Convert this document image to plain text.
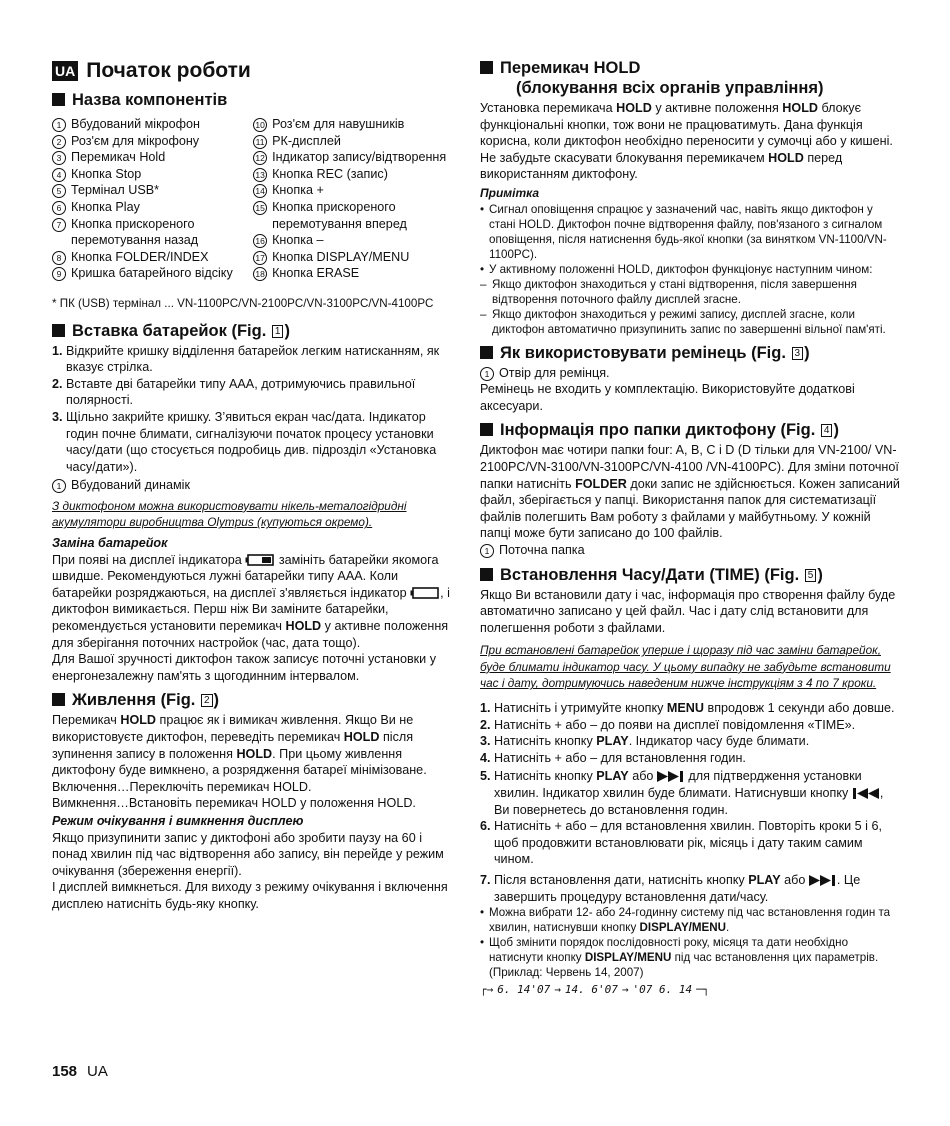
UA Початок роботи
Назва компонентів
1 Вбудований мікрофон
2 Роз'єм для мікрофону
3 Перемикач Hold
4 Кнопка Stop
5 Термінал USB*
6 Кнопка Play
7 Кнопка прискореного перемотування назад
8 Кнопка FOLDER/INDEX
9 Кришка батарейного відсіку
10 Роз'єм для навушників
11 РК-дисплей
12 Індикатор запису/відтворення
13 Кнопка REC (запис)
14 Кнопка +
15 Кнопка прискореного перемотування вперед
16 Кнопка –
17 Кнопка DISPLAY/MENU
18 Кнопка ERASE

* ПК (USB) термінал ... VN-1100PC/VN-2100PC/VN-3100PC/VN-4100PC

Вставка батарейок (Fig. 1 )
1. Відкрийте кришку відділення батарейок легким натисканням, як вказує стрілка.
2. Вставте дві батарейки типу ААА, дотримуючись правильної полярності.
3. Щільно закрийте кришку. З’явиться екран час/дата. Індикатор годин почне блимати, сигналізуючи початок процесу установки часу/дати (що стосується подробиць див. підрозділ «Установка часу/дати»).
1 Вбудований динамік

З диктофоном можна використовувати нікель-металогідридні акумулятори виробництва Olympus (купуються окремо).

Заміна батарейок

При появі на дисплеї індикатора	замініть батарейки якомога швидше. Рекомендуються лужні батарейки типу ААА. Коли батарейки розряджаються, на дисплеї з'являється індикатор	, і диктофон вимикається. Перш ніж Ви заміните батарейки, рекомендується установити перемикач HOLD у активне положення для зберігання поточних настройок (час, дата тощо).

Для Вашої зручності диктофон також записує поточні установки у енергонезалежну пам'ять з щогодинним інтервалом.

Живлення (Fig. 2 )

Перемикач HOLD працює як і вимикач живлення. Якщо Ви не використовуєте диктофон, переведіть перемикач HOLD після зупинення запису в положення HOLD. При цьому живлення диктофону буде вимкнено, а розрядження батареї мінімізоване.

Включення…Переключіть перемикач HOLD.

Вимкнення…Встановіть перемикач HOLD у положення HOLD.

Режим очікування і вимкнення дисплею

Якщо призупинити запис у диктофоні або зробити паузу на 60 і понад хвилин під час відтворення або запису, він перейде у режим очікування (збереження енергії).

І дисплей вимкнеться. Для виходу з режиму очікування і включення дисплею натисніть будь-яку кнопку.

Перемикач HOLD
(блокування всіх органів управління)

Установка перемикача HOLD у активне положення HOLD блокує функціональні кнопки, тож вони не працюватимуть. Дана функція корисна, коли диктофон необхідно переносити у сумочці або у кишені. Не забудьте скасувати блокування перемикачем HOLD перед використанням диктофону.

Примітка

• Сигнал оповіщення спрацює у зазначений час, навіть якщо диктофон у стані HOLD. Диктофон почне відтворення файлу, пов'язаного з сигналом оповіщення, після натиснення будь-якої кнопки (за винятком VN-1100/VN-1100PC).
• У активному положенні HOLD, диктофон функціонує наступним чином:
– Якщо диктофон знаходиться у стані відтворення, після завершення відтворення поточного файлу дисплей згасне.
– Якщо диктофон знаходиться у режимі запису, дисплей згасне, коли диктофон автоматично призупинить запис по завершенні вільної пам'яті.
Як використовувати ремінець (Fig. 3 )
1 Отвір для ремінця.

Ремінець не входить у комплектацію. Використовуйте додаткові аксесуари.

Інформація про папки диктофону (Fig. 4 )

Диктофон має чотири папки four: A, B, C і D (D тільки для VN-2100/ VN-2100PC/VN-3100/VN-3100PC/VN-4100 /VN-4100PC). Для зміни поточної папки натисніть FOLDER доки запис не здійснюється. Кожен записаний файл, зберігається у папці. Використання папок для систематизації файлів полегшить Вам роботу з файлами у майбутньому. У кожній папці може бути записано до 100 файлів.

1 Поточна папка
Встановлення Часу/Дати (TIME) (Fig. 5 )

Якщо Ви встановили дату і час, інформація про створення файлу буде автоматично записано у цей файл. Час і дату слід встановити для полегшення роботи з файлами.

При встановлені батарейок уперше і щоразу під час заміни батарейок, буде блимати індикатор часу. У цьому випадку не забудьте встановити час і дату, дотримуючись наведеним нижче інструкціям з 4 по 7 кроки.

1. Натисніть і утримуйте кнопку MENU впродовж 1 секунди або довше.
2. Натисніть + або – до появи на дисплеї повідомлення «TIME».
3. Натисніть кнопку PLAY. Індикатор часу буде блимати.
4. Натисніть + або – для встановлення годин.
5. Натисніть кнопку PLAY або	для підтвердження установки хвилин. Індикатор хвилин буде блимати. Натиснувши кнопку	, Ви повернетесь до встановлення годин.
6. Натисніть + або – для встановлення хвилин. Повторіть кроки 5 і 6, щоб продовжити встановлювати рік, місяць і дату таким самим чином.
7. Після встановлення дати, натисніть кнопку PLAY або	. Це завершить процедуру встановлення дати/часу.
• Можна вибрати 12- або 24-годинну систему під час встановлення годин та хвилин, натиснувши кнопку DISPLAY/MENU.
• Щоб змінити порядок послідовності року, місяця та дати необхідно натиснути кнопку DISPLAY/MENU під час встановлення цих параметрів. (Приклад: Червень 14, 2007)
┌→ 6. 14'07 → 14. 6'07 → '07 6. 14 ─┐
158 UA
